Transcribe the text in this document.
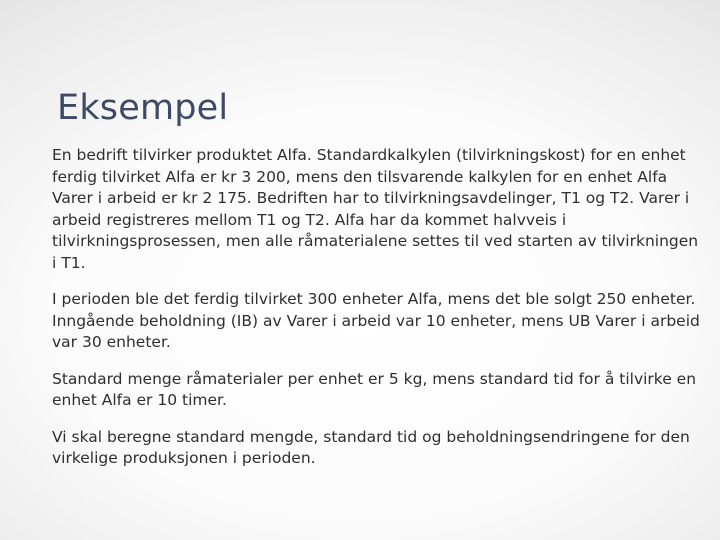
Eksempel

En bedrift tilvirker produktet Alfa. Standardkalkylen (tilvirkningskost) for en enhet ferdig tilvirket Alfa er kr 3 200, mens den tilsvarende kalkylen for en enhet Alfa Varer i arbeid er kr 2 175. Bedriften har to tilvirkningsavdelinger, T1 og T2. Varer i arbeid registreres mellom T1 og T2. Alfa har da kommet halvveis i tilvirkningsprosessen, men alle råmaterialene settes til ved starten av tilvirkningen i T1.

I perioden ble det ferdig tilvirket 300 enheter Alfa, mens det ble solgt 250 enheter. Inngående beholdning (IB) av Varer i arbeid var 10 enheter, mens UB Varer i arbeid var 30 enheter.

Standard menge råmaterialer per enhet er 5 kg, mens standard tid for å tilvirke en enhet Alfa er 10 timer.

Vi skal beregne standard mengde, standard tid og beholdningsendringene for den virkelige produksjonen i perioden.
